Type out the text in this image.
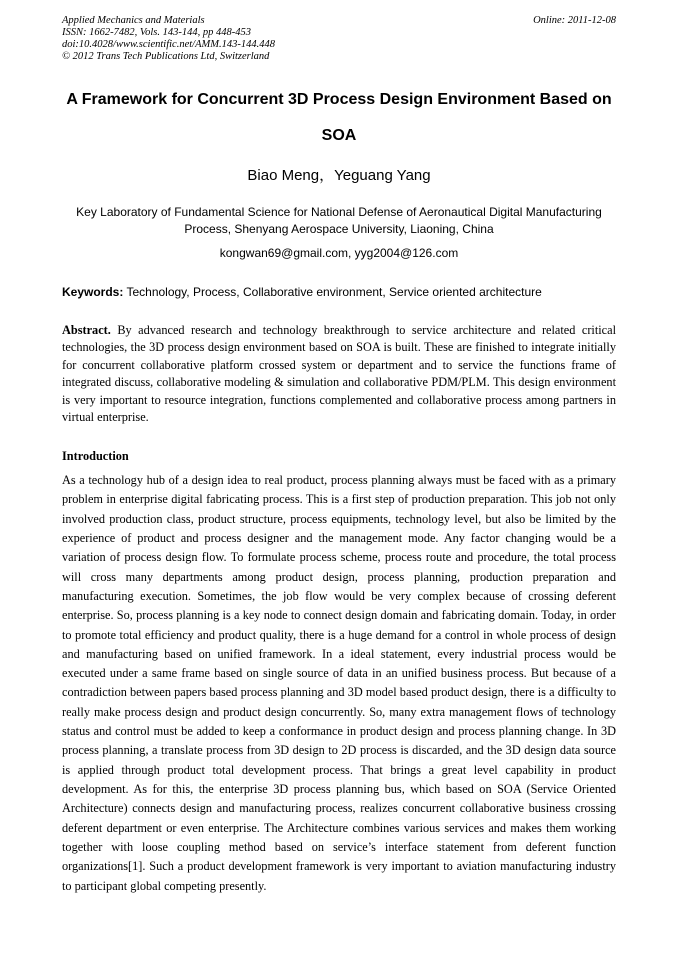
Applied Mechanics and Materials
ISSN: 1662-7482, Vols. 143-144, pp 448-453
doi:10.4028/www.scientific.net/AMM.143-144.448
© 2012 Trans Tech Publications Ltd, Switzerland
Online: 2011-12-08
A Framework for Concurrent 3D Process Design Environment Based on
SOA
Biao Meng，Yeguang Yang
Key Laboratory of Fundamental Science for National Defense of Aeronautical Digital Manufacturing
Process, Shenyang Aerospace University, Liaoning, China
kongwan69@gmail.com, yyg2004@126.com
Keywords: Technology, Process, Collaborative environment, Service oriented architecture
Abstract. By advanced research and technology breakthrough to service architecture and related critical technologies, the 3D process design environment based on SOA is built. These are finished to integrate initially for concurrent collaborative platform crossed system or department and to service the functions frame of integrated discuss, collaborative modeling & simulation and collaborative PDM/PLM. This design environment is very important to resource integration, functions complemented and collaborative process among partners in virtual enterprise.
Introduction
As a technology hub of a design idea to real product, process planning always must be faced with as a primary problem in enterprise digital fabricating process. This is a first step of production preparation. This job not only involved production class, product structure, process equipments, technology level, but also be limited by the experience of product and process designer and the management mode. Any factor changing would be a variation of process design flow. To formulate process scheme, process route and procedure, the total process will cross many departments among product design, process planning, production preparation and manufacturing execution. Sometimes, the job flow would be very complex because of crossing deferent enterprise. So, process planning is a key node to connect design domain and fabricating domain. Today, in order to promote total efficiency and product quality, there is a huge demand for a control in whole process of design and manufacturing based on unified framework. In a ideal statement, every industrial process would be executed under a same frame based on single source of data in an unified business process. But because of a contradiction between papers based process planning and 3D model based product design, there is a difficulty to really make process design and product design concurrently. So, many extra management flows of technology status and control must be added to keep a conformance in product design and process planning change. In 3D process planning, a translate process from 3D design to 2D process is discarded, and the 3D design data source is applied through product total development process. That brings a great level capability in product development. As for this, the enterprise 3D process planning bus, which based on SOA (Service Oriented Architecture) connects design and manufacturing process, realizes concurrent collaborative business crossing deferent department or even enterprise. The Architecture combines various services and makes them working together with loose coupling method based on service’s interface statement from deferent function organizations[1]. Such a product development framework is very important to aviation manufacturing industry to participant global competing presently.
